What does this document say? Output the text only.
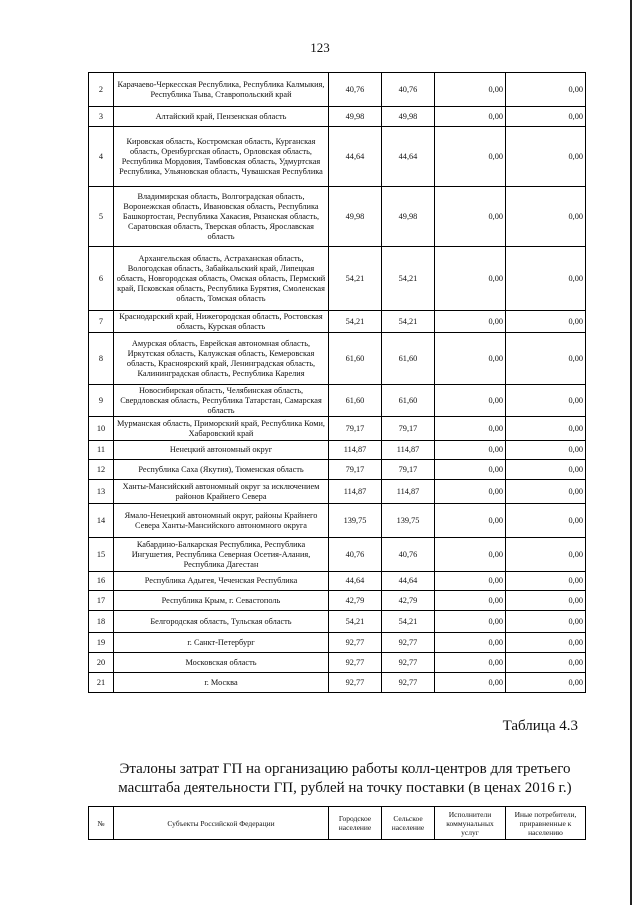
123
2	Карачаево-Черкесская Республика, Республика Калмыкия, Республика Тыва, Ставропольский край	40,76	40,76	0,00	0,00
3	Алтайский край, Пензенская область	49,98	49,98	0,00	0,00
4	Кировская область, Костромская область, Курганская область, Оренбургская область, Орловская область, Республика Мордовия, Тамбовская область, Удмуртская Республика, Ульяновская область, Чувашская Республика	44,64	44,64	0,00	0,00
5	Владимирская область, Волгоградская область, Воронежская область, Ивановская область, Республика Башкортостан, Республика Хакасия, Рязанская область, Саратовская область, Тверская область, Ярославская область	49,98	49,98	0,00	0,00
6	Архангельская область, Астраханская область, Вологодская область, Забайкальский край, Липецкая область, Новгородская область, Омская область, Пермский край, Псковская область, Республика Бурятия, Смоленская область, Томская область	54,21	54,21	0,00	0,00
7	Краснодарский край, Нижегородская область, Ростовская область, Курская область	54,21	54,21	0,00	0,00
8	Амурская область, Еврейская автономная область, Иркутская область, Калужская область, Кемеровская область, Красноярский край, Ленинградская область, Калининградская область, Республика Карелия	61,60	61,60	0,00	0,00
9	Новосибирская область, Челябинская область, Свердловская область, Республика Татарстан, Самарская область	61,60	61,60	0,00	0,00
10	Мурманская область, Приморский край, Республика Коми, Хабаровский край	79,17	79,17	0,00	0,00
11	Ненецкий автономный округ	114,87	114,87	0,00	0,00
12	Республика Саха (Якутия), Тюменская область	79,17	79,17	0,00	0,00
13	Ханты-Мансийский автономный округ за исключением районов Крайнего Севера	114,87	114,87	0,00	0,00
14	Ямало-Ненецкий автономный округ, районы Крайнего Севера Ханты-Мансийского автономного округа	139,75	139,75	0,00	0,00
15	Кабардино-Балкарская Республика, Республика Ингушетия, Республика Северная Осетия-Алания, Республика Дагестан	40,76	40,76	0,00	0,00
16	Республика Адыгея, Чеченская Республика	44,64	44,64	0,00	0,00
17	Республика Крым, г. Севастополь	42,79	42,79	0,00	0,00
18	Белгородская область, Тульская область	54,21	54,21	0,00	0,00
19	г. Санкт-Петербург	92,77	92,77	0,00	0,00
20	Московская область	92,77	92,77	0,00	0,00
21	г. Москва	92,77	92,77	0,00	0,00
Таблица 4.3
Эталоны затрат ГП на организацию работы колл-центров для третьего масштаба деятельности ГП, рублей на точку поставки (в ценах 2016 г.)
№	Субъекты Российской Федерации	Городское население	Сельское население	Исполнители коммунальных услуг	Иные потребители, приравненные к населению
